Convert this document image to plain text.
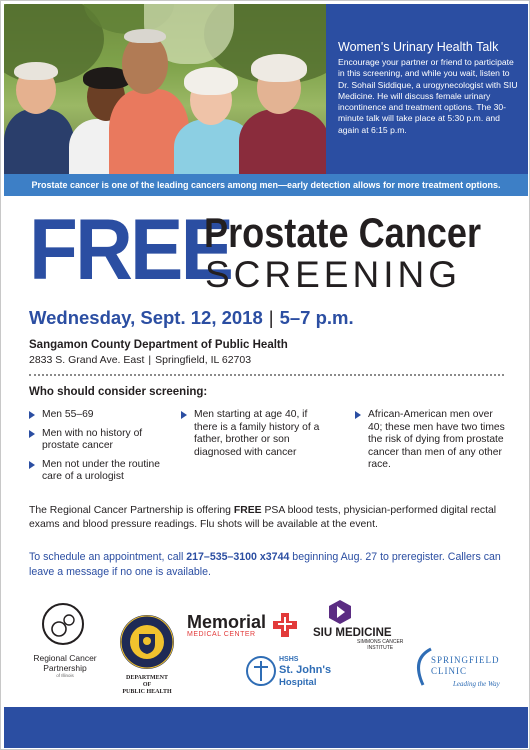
Women's Urinary Health Talk

Encourage your partner or friend to participate in this screening, and while you wait, listen to Dr. Sohail Siddique, a urogynecologist with SIU Medicine. He will discuss female urinary incontinence and treatment options. The 30-minute talk will take place at 5:30 p.m. and again at 6:15 p.m.

Prostate cancer is one of the leading cancers among men—early detection allows for more treatment options.
FREE
Prostate Cancer
SCREENING
Wednesday, Sept. 12, 2018 | 5–7 p.m.
Sangamon County Department of Public Health
2833 S. Grand Ave. East | Springfield, IL 62703
Who should consider screening:
Men 55–69
Men with no history of prostate cancer
Men not under the routine care of a urologist
Men starting at age 40, if there is a family history of a father, brother or son diagnosed with cancer
African-American men over 40; these men have two times the risk of dying from prostate cancer than men of any other race.
The Regional Cancer Partnership is offering FREE PSA blood tests, physician-performed digital rectal exams and blood pressure readings. Flu shots will be available at the event.
To schedule an appointment, call 217–535–3100 x3744 beginning Aug. 27 to preregister. Callers can leave a message if no one is available.
Regional Cancer
Partnership
of Illinois	DEPARTMENT
OF
PUBLIC HEALTH
Memorial
MEDICAL CENTER	SIU MEDICINE
SIMMONS CANCER
INSTITUTE
HSHS
St. John's
Hospital
SPRINGFIELD
CLINIC
Leading the Way
